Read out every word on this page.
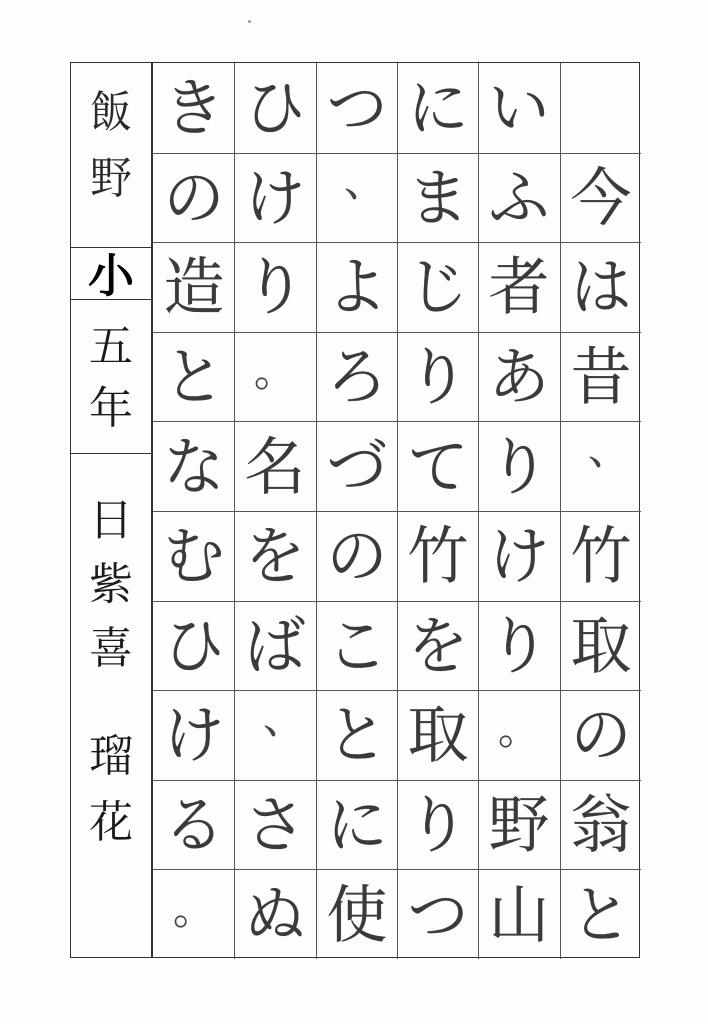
飯
野
小
五
年
日
紫
喜
瑠
花
今
は
昔
、
竹
取
の
翁
と
い
ふ
者
あ
り
け
り
。
野
山
に
ま
じ
り
て
竹
を
取
り
つ
つ
、
よ
ろ
づ
の
こ
と
に
使
ひ
け
り
。
名
を
ば
、
さ
ぬ
き
の
造
と
な
む
ひ
け
る
。
